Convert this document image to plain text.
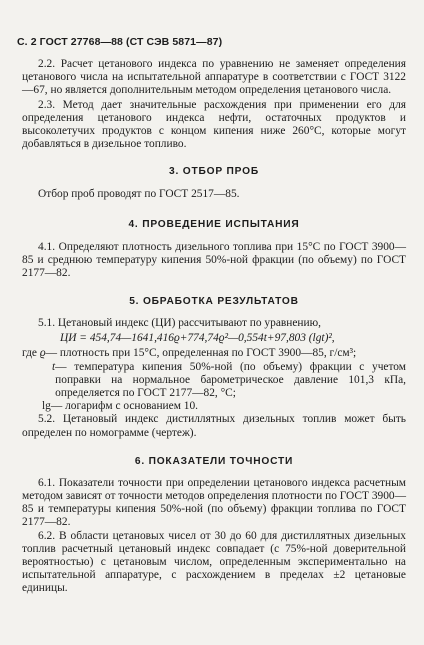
С. 2 ГОСТ 27768—88 (СТ СЭВ 5871—87)

2.2. Расчет цетанового индекса по уравнению не заменяет определения цетанового числа на испытательной аппаратуре в соответствии с ГОСТ 3122—67, но является дополнительным методом определения цетанового числа.

2.3. Метод дает значительные расхождения при применении его для определения цетанового индекса нефти, остаточных продуктов и высоколетучих продуктов с концом кипения ниже 260°С, которые могут добавляться в дизельное топливо.

3. ОТБОР ПРОБ

Отбор проб проводят по ГОСТ 2517—85.

4. ПРОВЕДЕНИЕ ИСПЫТАНИЯ

4.1. Определяют плотность дизельного топлива при 15°С по ГОСТ 3900—85 и среднюю температуру кипения 50%-ной фракции (по объему) по ГОСТ 2177—82.

5. ОБРАБОТКА РЕЗУЛЬТАТОВ

5.1. Цетановый индекс (ЦИ) рассчитывают по уравнению,

ЦИ = 454,74—1641,416ϱ+774,74ϱ²—0,554t+97,803 (lgt)²,
где ϱ — плотность при 15°С, определенная по ГОСТ 3900—85, г/см³;
t — температура кипения 50%-ной (по объему) фракции с учетом поправки на нормальное барометрическое давление 101,3 кПа, определяется по ГОСТ 2177—82, °С;
lg — логарифм с основанием 10.

5.2. Цетановый индекс дистиллятных дизельных топлив может быть определен по номограмме (чертеж).

6. ПОКАЗАТЕЛИ ТОЧНОСТИ

6.1. Показатели точности при определении цетанового индекса расчетным методом зависят от точности методов определения плотности по ГОСТ 3900—85 и температуры кипения 50%-ной (по объему) фракции топлива по ГОСТ 2177—82.

6.2. В области цетановых чисел от 30 до 60 для дистиллятных дизельных топлив расчетный цетановый индекс совпадает (с 75%-ной доверительной вероятностью) с цетановым числом, определенным экспериментально на испытательной аппаратуре, с расхождением в пределах ±2 цетановые единицы.
